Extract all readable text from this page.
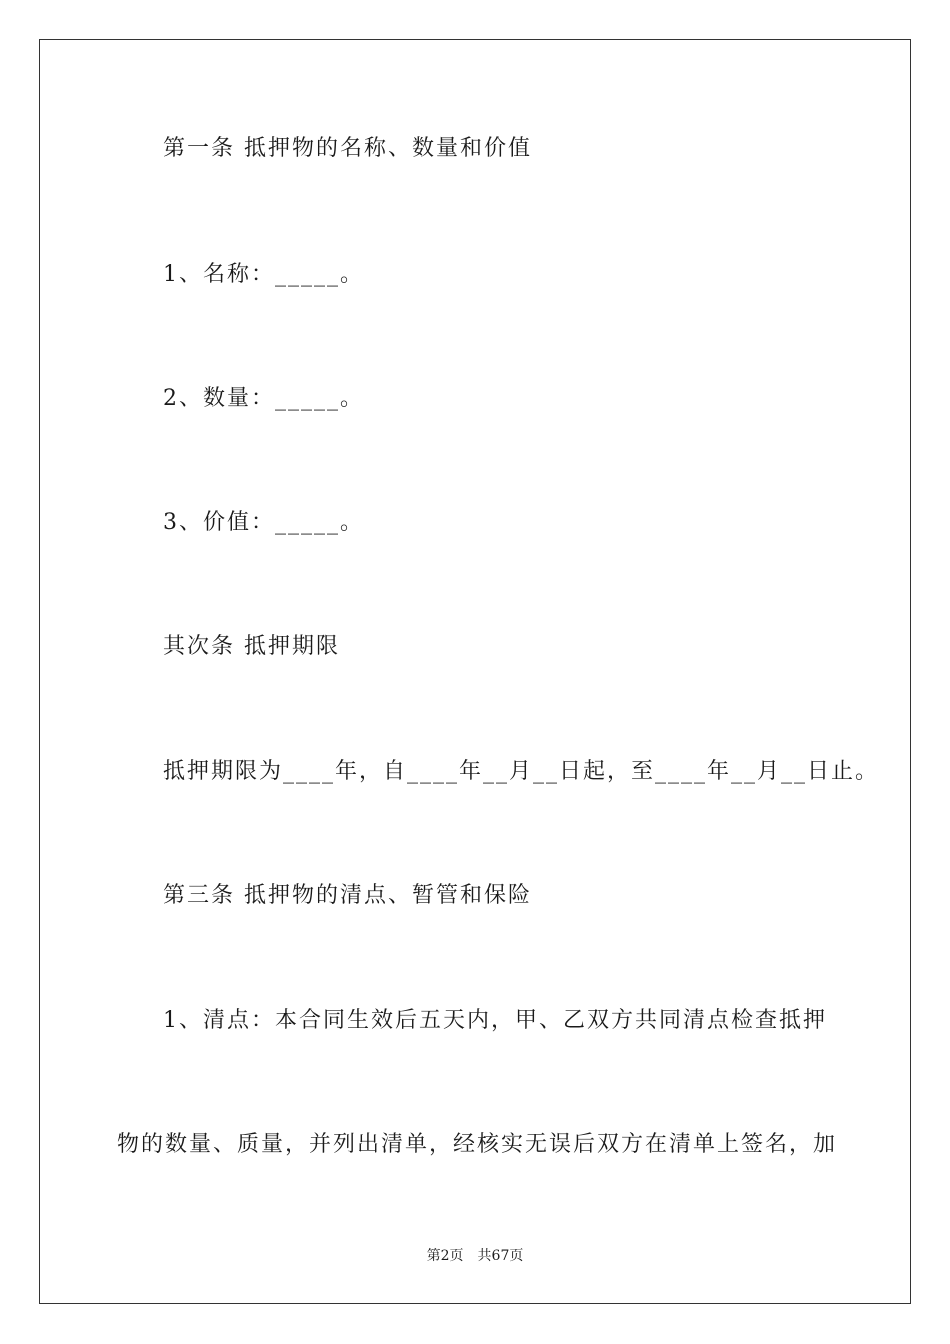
第一条 抵押物的名称、数量和价值
1、名称：_____。
2、数量：_____。
3、价值：_____。
其次条 抵押期限
抵押期限为____年，自____年__月__日起，至____年__月__日止。
第三条 抵押物的清点、暂管和保险
1、清点：本合同生效后五天内，甲、乙双方共同清点检查抵押
物的数量、质量，并列出清单，经核实无误后双方在清单上签名，加
第2页 共67页
